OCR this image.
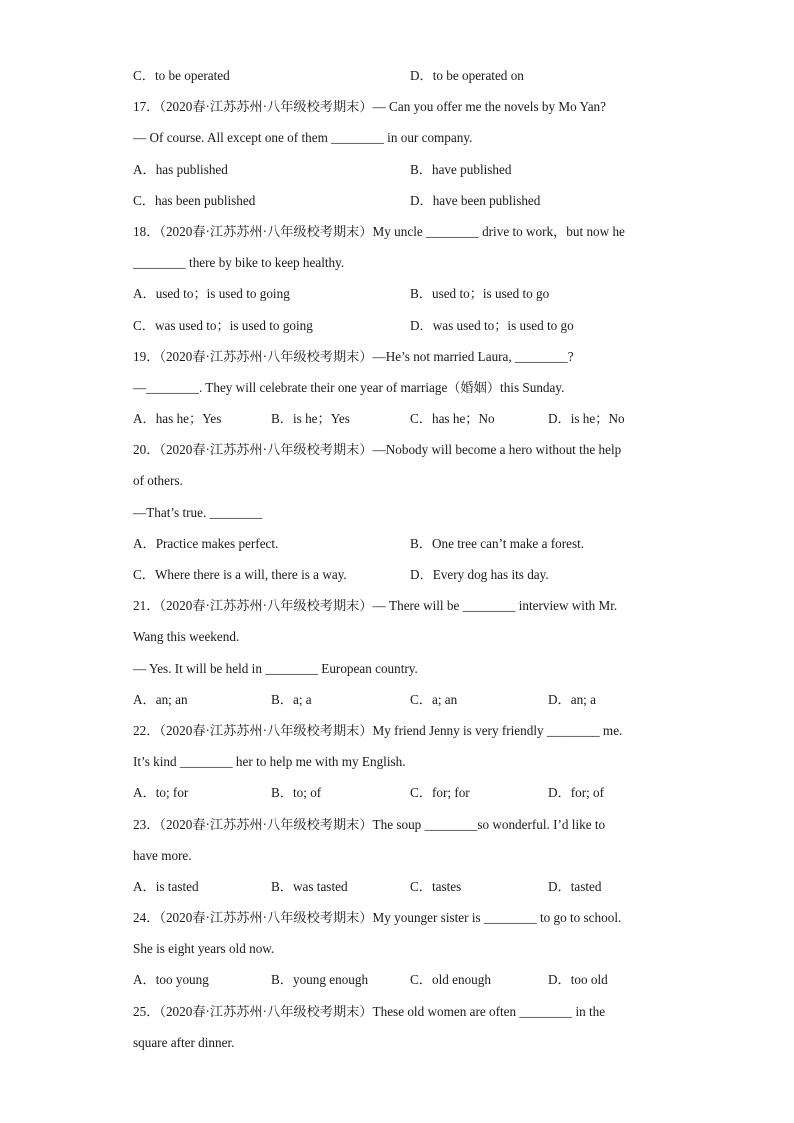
C．to be operated	D．to be operated on
17．（2020春·江苏苏州·八年级校考期末）— Can you offer me the novels by Mo Yan?
— Of course. All except one of them ________ in our company.
A．has published	B．have published
C．has been published	D．have been published
18．（2020春·江苏苏州·八年级校考期末）My uncle ________ drive to work，but now he
________ there by bike to keep healthy.
A．used to；is used to going	B．used to；is used to go
C．was used to；is used to going	D．was used to；is used to go
19．（2020春·江苏苏州·八年级校考期末）—He’s not married Laura, ________?
—________. They will celebrate their one year of marriage（婚姻）this Sunday.
A．has he；Yes	B．is he；Yes	C．has he；No	D．is he；No
20．（2020春·江苏苏州·八年级校考期末）—Nobody will become a hero without the help
of others.
—That’s true. ________
A．Practice makes perfect.	B．One tree can’t make a forest.
C．Where there is a will, there is a way.	D．Every dog has its day.
21．（2020春·江苏苏州·八年级校考期末）— There will be ________ interview with Mr.
Wang this weekend.
— Yes. It will be held in ________ European country.
A．an; an	B．a; a	C．a; an	D．an; a
22．（2020春·江苏苏州·八年级校考期末）My friend Jenny is very friendly ________ me.
It’s kind ________ her to help me with my English.
A．to; for	B．to; of	C．for; for	D．for; of
23．（2020春·江苏苏州·八年级校考期末）The soup ________so wonderful. I’d like to
have more.
A．is tasted	B．was tasted	C．tastes	D．tasted
24．（2020春·江苏苏州·八年级校考期末）My younger sister is ________ to go to school.
She is eight years old now.
A．too young	B．young enough	C．old enough	D．too old
25．（2020春·江苏苏州·八年级校考期末）These old women are often ________ in the
square after dinner.
